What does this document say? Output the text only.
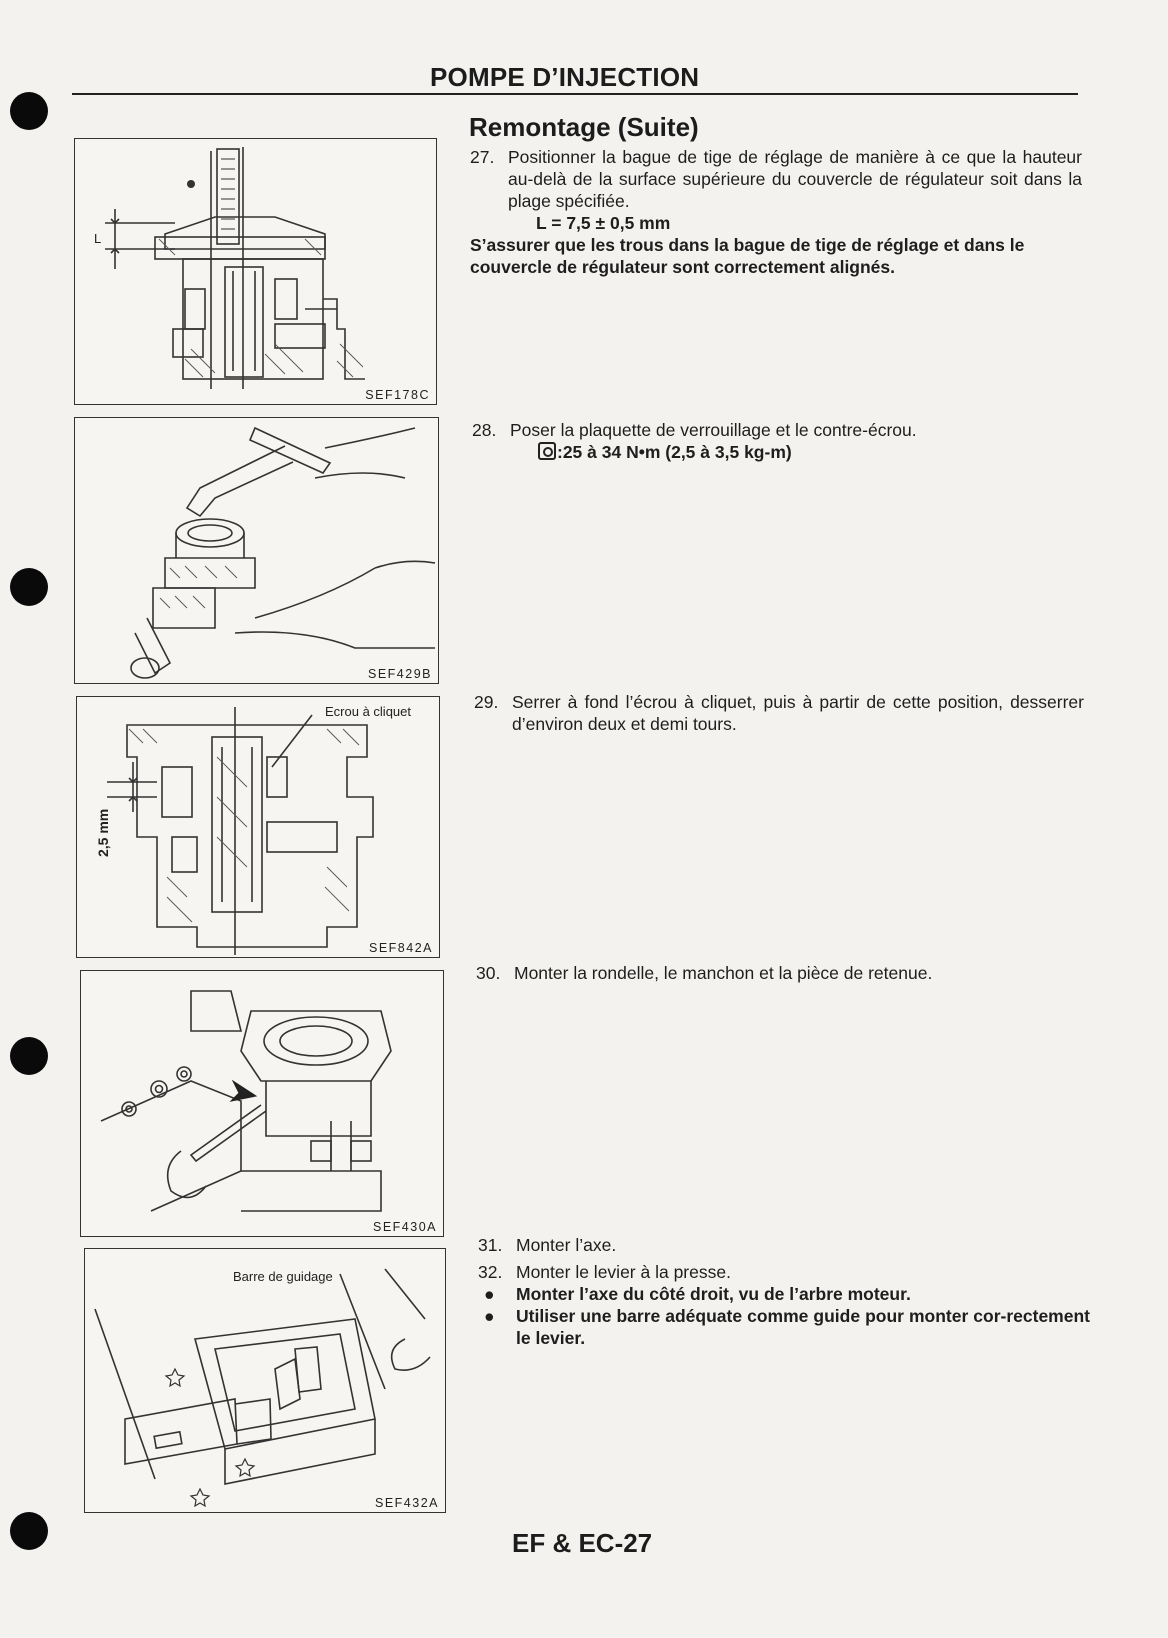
POMPE D’INJECTION
Remontage (Suite)
L
SEF178C
SEF429B
Ecrou à cliquet
2,5 mm
SEF842A
SEF430A
Barre de guidage
SEF432A
27. Positionner la bague de tige de réglage de manière à ce que la hauteur au-delà de la surface supérieure du couvercle de régulateur soit dans la plage spécifiée.
L = 7,5 ± 0,5 mm
S’assurer que les trous dans la bague de tige de réglage et dans le couvercle de régulateur sont correctement alignés.
28. Poser la plaquette de verrouillage et le contre-écrou.
:25 à 34 N•m (2,5 à 3,5 kg-m)
29. Serrer à fond l’écrou à cliquet, puis à partir de cette position, desserrer d’environ deux et demi tours.
30. Monter la rondelle, le manchon et la pièce de retenue.
31. Monter l’axe.
32. Monter le levier à la presse.
● Monter l’axe du côté droit, vu de l’arbre moteur.
● Utiliser une barre adéquate comme guide pour monter cor-rectement le levier.
EF & EC-27
